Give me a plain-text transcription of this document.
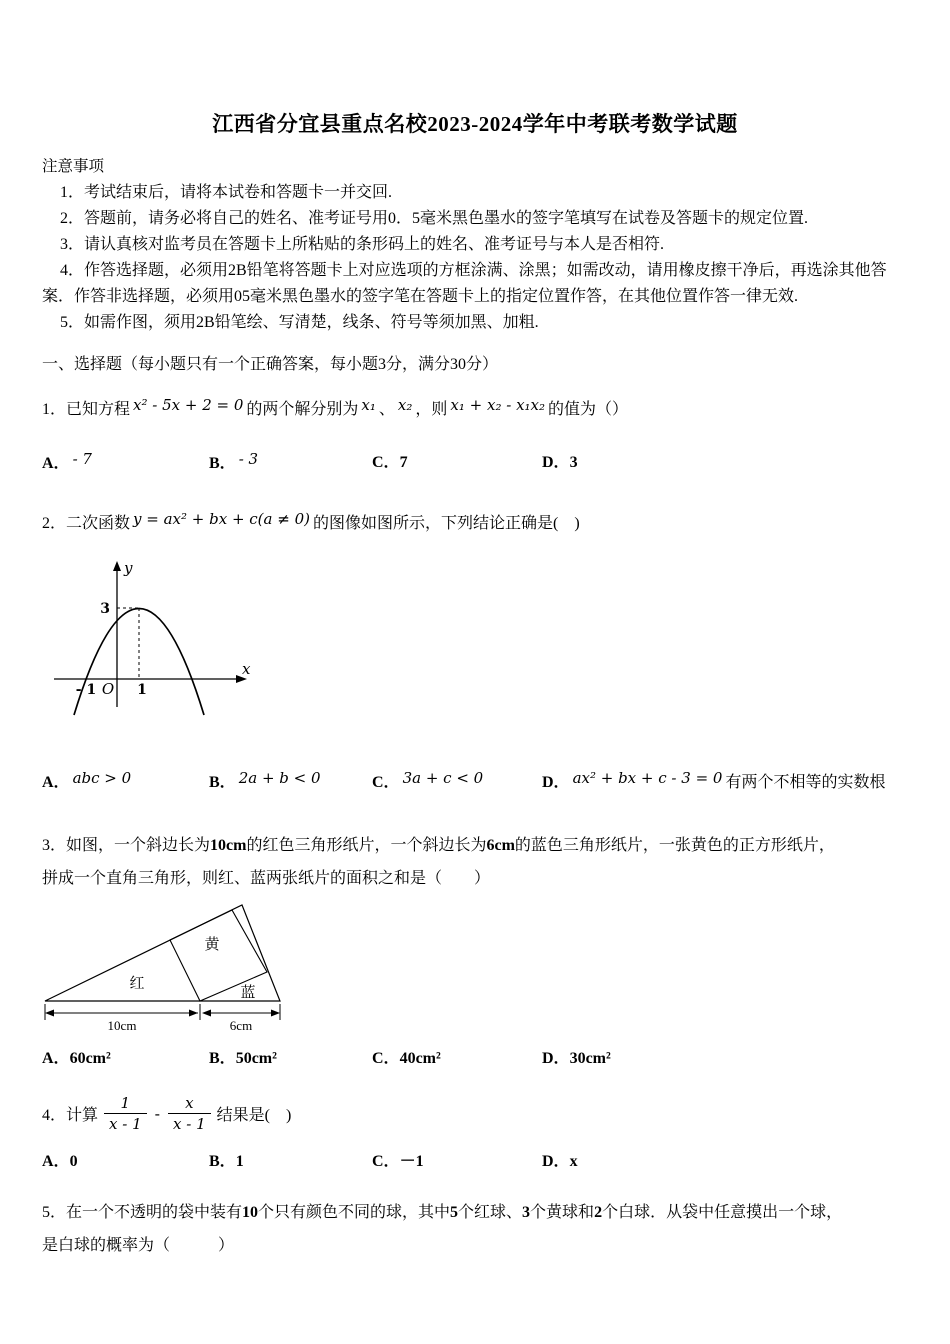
江西省分宜县重点名校2023-2024学年中考联考数学试题

注意事项

1．考试结束后，请将本试卷和答题卡一并交回.

2．答题前，请务必将自己的姓名、准考证号用0．5毫米黑色墨水的签字笔填写在试卷及答题卡的规定位置.

3．请认真核对监考员在答题卡上所粘贴的条形码上的姓名、准考证号与本人是否相符.

4．作答选择题，必须用2B铅笔将答题卡上对应选项的方框涂满、涂黑；如需改动，请用橡皮擦干净后，再选涂其他答案．作答非选择题，必须用05毫米黑色墨水的签字笔在答题卡上的指定位置作答，在其他位置作答一律无效.

5．如需作图，须用2B铅笔绘、写清楚，线条、符号等须加黑、加粗.

一、选择题（每小题只有一个正确答案，每小题3分，满分30分）

1．已知方程 x² - 5x + 2 = 0 的两个解分别为 x₁ 、 x₂ ，则 x₁ + x₂ - x₁x₂ 的值为（）

A． - 7	B． - 3	C．7	D．3

2．二次函数 y = ax² + bx + c(a ≠ 0) 的图像如图所示，下列结论正确是(　)

y
x
3
- 1 O 1
A． abc > 0	B． 2a + b < 0	C． 3a + c < 0	D． ax² + bx + c - 3 = 0 有两个不相等的实数根

3．如图，一个斜边长为10cm的红色三角形纸片，一个斜边长为6cm的蓝色三角形纸片，一张黄色的正方形纸片，

拼成一个直角三角形，则红、蓝两张纸片的面积之和是（　　）

黄
红
蓝
10cm	6cm
A．60cm²	B．50cm²	C．40cm²	D．30cm²
4．计算 $\frac{1}{x - 1} - \frac{x}{x - 1}$ 结果是(　)
A．0	B．1	C．－1	D．x

5．在一个不透明的袋中装有10个只有颜色不同的球，其中5个红球、3个黄球和2个白球．从袋中任意摸出一个球，

是白球的概率为（　　　）
